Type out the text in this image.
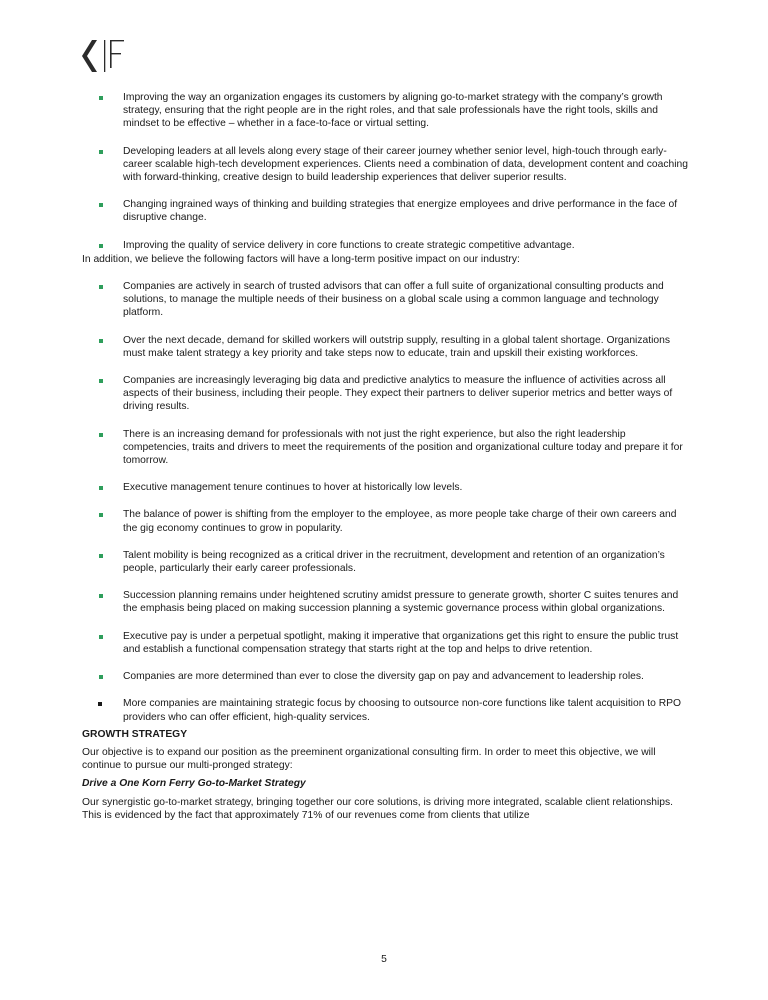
Improving the way an organization engages its customers by aligning go-to-market strategy with the company’s growth strategy, ensuring that the right people are in the right roles, and that sale professionals have the right tools, skills and mindset to be effective – whether in a face-to-face or virtual setting.
Developing leaders at all levels along every stage of their career journey whether senior level, high-touch through early-career scalable high-tech development experiences. Clients need a combination of data, development content and coaching with forward-thinking, creative design to build leadership experiences that deliver superior results.
Changing ingrained ways of thinking and building strategies that energize employees and drive performance in the face of disruptive change.
Improving the quality of service delivery in core functions to create strategic competitive advantage.

In addition, we believe the following factors will have a long-term positive impact on our industry:

Companies are actively in search of trusted advisors that can offer a full suite of organizational consulting products and solutions, to manage the multiple needs of their business on a global scale using a common language and technology platform.
Over the next decade, demand for skilled workers will outstrip supply, resulting in a global talent shortage. Organizations must make talent strategy a key priority and take steps now to educate, train and upskill their existing workforces.
Companies are increasingly leveraging big data and predictive analytics to measure the influence of activities across all aspects of their business, including their people. They expect their partners to deliver superior metrics and better ways of driving results.
There is an increasing demand for professionals with not just the right experience, but also the right leadership competencies, traits and drivers to meet the requirements of the position and organizational culture today and prepare it for tomorrow.
Executive management tenure continues to hover at historically low levels.
The balance of power is shifting from the employer to the employee, as more people take charge of their own careers and the gig economy continues to grow in popularity.
Talent mobility is being recognized as a critical driver in the recruitment, development and retention of an organization’s people, particularly their early career professionals.
Succession planning remains under heightened scrutiny amidst pressure to generate growth, shorter C suites tenures and the emphasis being placed on making succession planning a systemic governance process within global organizations.
Executive pay is under a perpetual spotlight, making it imperative that organizations get this right to ensure the public trust and establish a functional compensation strategy that starts right at the top and helps to drive retention.
Companies are more determined than ever to close the diversity gap on pay and advancement to leadership roles.
More companies are maintaining strategic focus by choosing to outsource non-core functions like talent acquisition to RPO providers who can offer efficient, high-quality services.

GROWTH STRATEGY

Our objective is to expand our position as the preeminent organizational consulting firm. In order to meet this objective, we will continue to pursue our multi-pronged strategy:

Drive a One Korn Ferry Go-to-Market Strategy

Our synergistic go-to-market strategy, bringing together our core solutions, is driving more integrated, scalable client relationships. This is evidenced by the fact that approximately 71% of our revenues come from clients that utilize

5
